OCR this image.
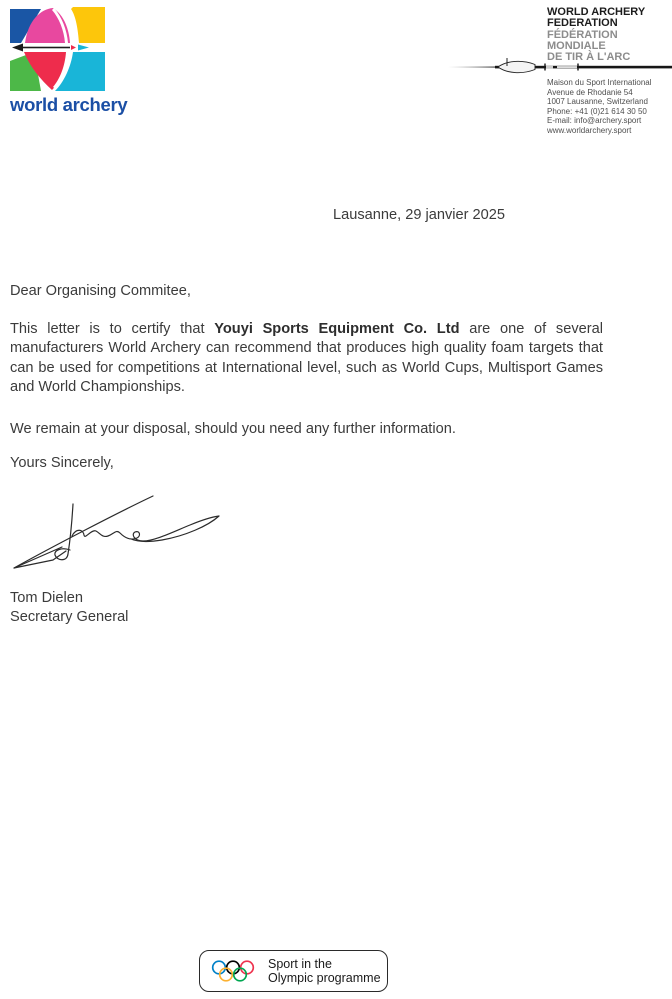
world archery
WORLD ARCHERY
FEDERATION
FÉDÉRATION
MONDIALE
DE TIR À L'ARC
Maison du Sport International
Avenue de Rhodanie 54
1007 Lausanne, Switzerland
Phone: +41 (0)21 614 30 50
E-mail: info@archery.sport
www.worldarchery.sport
Lausanne, 29 janvier 2025
Dear Organising Commitee,
This letter is to certify that Youyi Sports Equipment Co. Ltd are one of several manufacturers World Archery can recommend that produces high quality foam targets that can be used for competitions at International level, such as World Cups, Multisport Games and World Championships.
We remain at your disposal, should you need any further information.
Yours Sincerely,
Tom Dielen
Secretary General
Sport in the
Olympic programme
